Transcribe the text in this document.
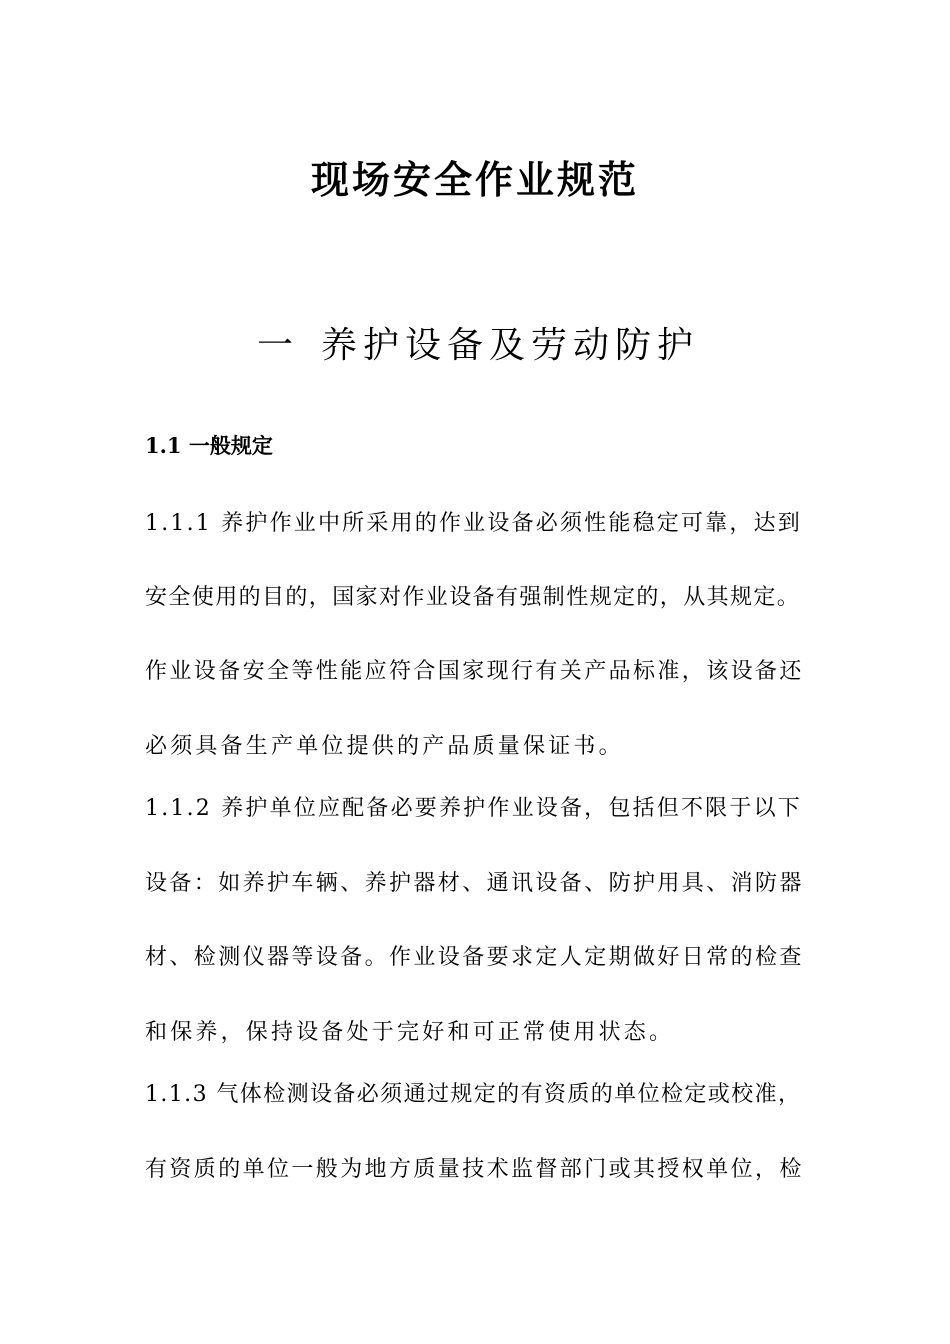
现场安全作业规范
一 养护设备及劳动防护
1.1 一般规定
1.1.1 养护作业中所采用的作业设备必须性能稳定可靠，达到
安全使用的目的，国家对作业设备有强制性规定的，从其规定。
作业设备安全等性能应符合国家现行有关产品标准，该设备还
必须具备生产单位提供的产品质量保证书。
1.1.2 养护单位应配备必要养护作业设备，包括但不限于以下
设备：如养护车辆、养护器材、通讯设备、防护用具、消防器
材、检测仪器等设备。作业设备要求定人定期做好日常的检查
和保养，保持设备处于完好和可正常使用状态。
1.1.3 气体检测设备必须通过规定的有资质的单位检定或校准，
有资质的单位一般为地方质量技术监督部门或其授权单位，检
